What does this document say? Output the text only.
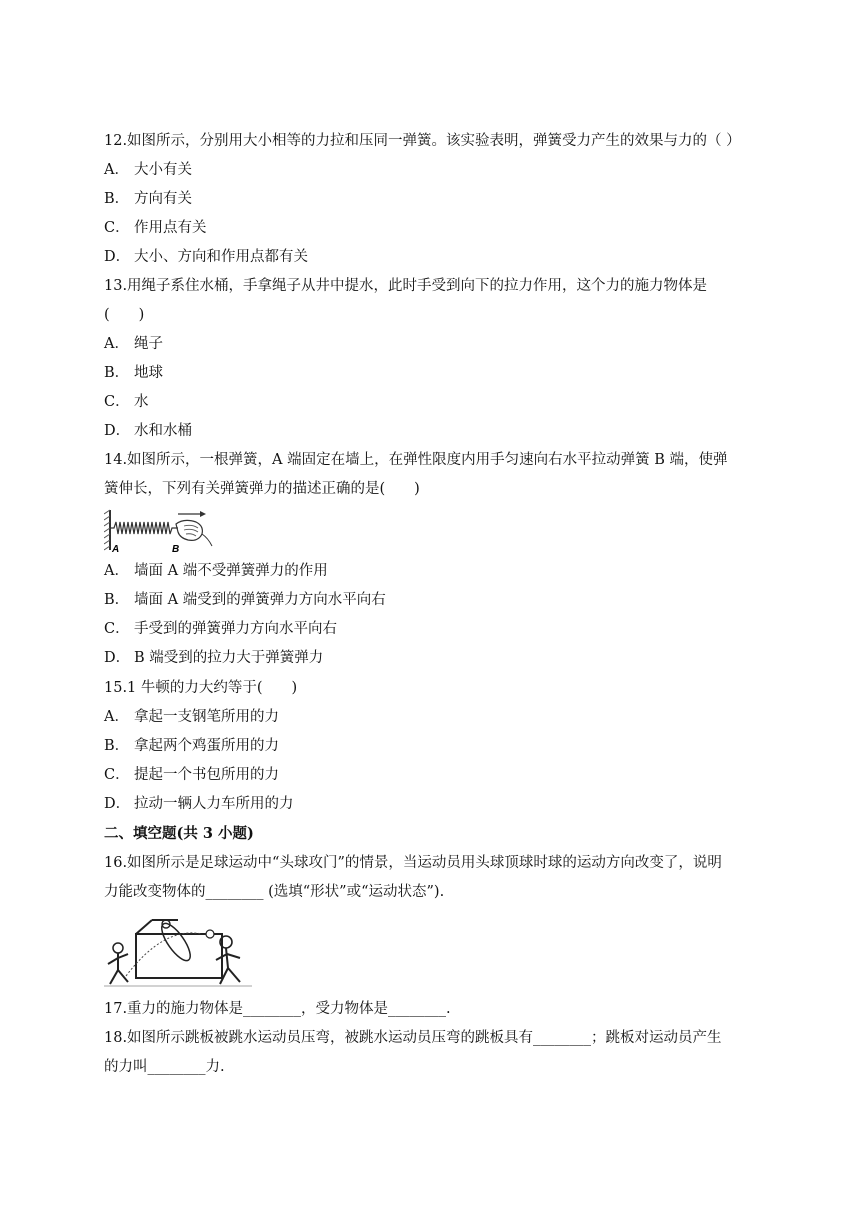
12.如图所示，分别用大小相等的力拉和压同一弹簧。该实验表明，弹簧受力产生的效果与力的（ ）
A． 大小有关
B． 方向有关
C． 作用点有关
D． 大小、方向和作用点都有关
13.用绳子系住水桶，手拿绳子从井中提水，此时手受到向下的拉力作用，这个力的施力物体是
(　　)
A． 绳子
B． 地球
C． 水
D． 水和水桶
14.如图所示，一根弹簧，A 端固定在墙上，在弹性限度内用手匀速向右水平拉动弹簧 B 端，使弹
簧伸长，下列有关弹簧弹力的描述正确的是(　　)
A	B
A． 墙面 A 端不受弹簧弹力的作用
B． 墙面 A 端受到的弹簧弹力方向水平向右
C． 手受到的弹簧弹力方向水平向右
D． B 端受到的拉力大于弹簧弹力
15.1 牛顿的力大约等于(　　)
A． 拿起一支钢笔所用的力
B． 拿起两个鸡蛋所用的力
C． 提起一个书包所用的力
D． 拉动一辆人力车所用的力
二、填空题(共 3 小题)
16.如图所示是足球运动中“头球攻门”的情景，当运动员用头球顶球时球的运动方向改变了，说明
力能改变物体的________ (选填“形状”或“运动状态”).
17.重力的施力物体是________，受力物体是________.
18.如图所示跳板被跳水运动员压弯，被跳水运动员压弯的跳板具有________；跳板对运动员产生
的力叫________力.
